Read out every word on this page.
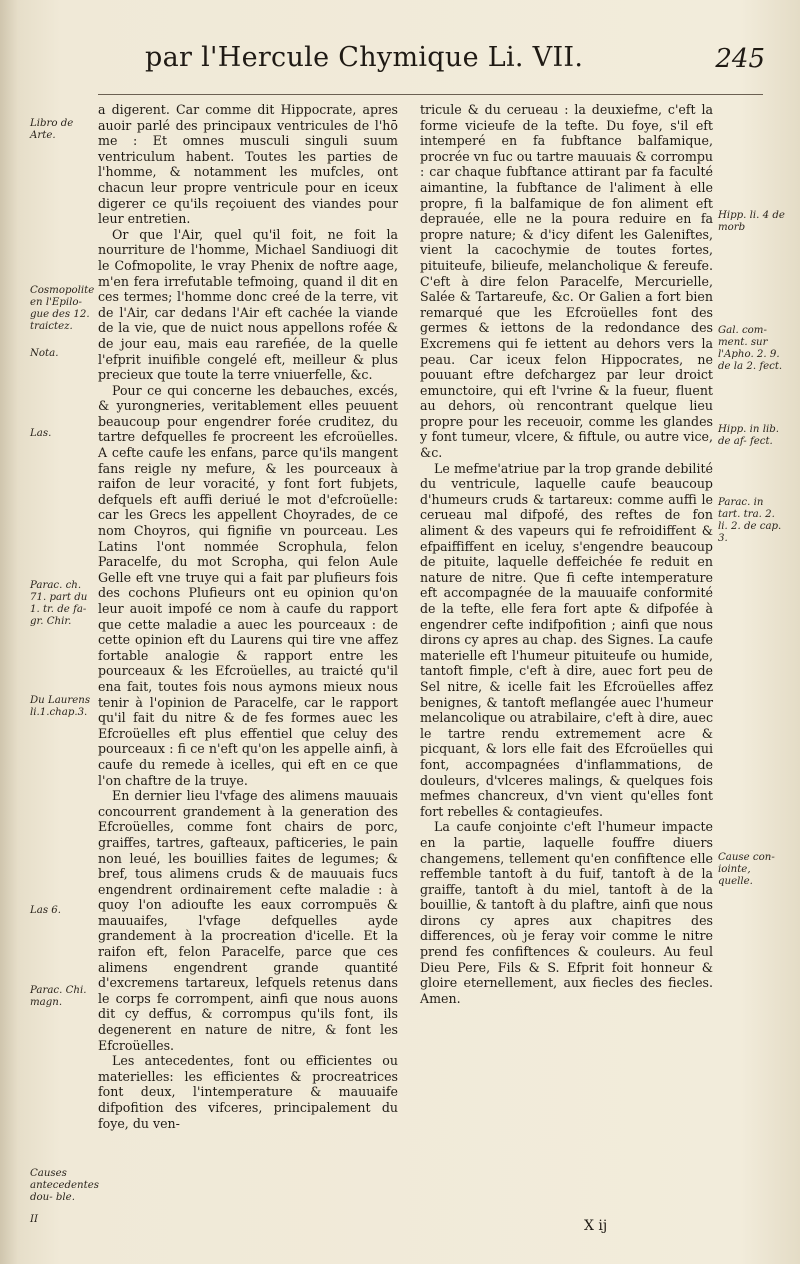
par l'Hercule Chymique Li. VII.	245

a digerent. Car comme dit Hippocrate, apres auoir parlé des principaux ventricules de l'hō me : Et omnes musculi singuli suum ventriculum habent. Toutes les parties de l'homme, & notamment les mufcles, ont chacun leur propre ventricule pour en iceux digerer ce qu'ils reçoiuent des viandes pour leur entretien.

Or que l'Air, quel qu'il foit, ne foit la nourriture de l'homme, Michael Sandiuogi dit le Cofmopolite, le vray Phenix de noftre aage, m'en fera irrefutable tefmoing, quand il dit en ces termes; l'homme donc creé de la terre, vit de l'Air, car dedans l'Air eft cachée la viande de la vie, que de nuict nous appellons rofée & de jour eau, mais eau rarefiée, de la quelle l'efprit inuifible congelé eft, meilleur & plus precieux que toute la terre vniuerfelle, &c.

Pour ce qui concerne les debauches, excés, & yurongneries, veritablement elles peuuent beaucoup pour engendrer forée cruditez, du tartre defquelles fe procreent les efcroüelles. A cefte caufe les enfans, parce qu'ils mangent fans reigle ny mefure, & les pourceaux à raifon de leur voracité, y font fort fubjets, defquels eft auffi deriué le mot d'efcroüelle: car les Grecs les appellent Choyrades, de ce nom Choyros, qui fignifie vn pourceau. Les Latins l'ont nommée Scrophula, felon Paracelfe, du mot Scropha, qui felon Aule Gelle eft vne truye qui a fait par plufieurs fois des cochons Plufieurs ont eu opinion qu'on leur auoit impofé ce nom à caufe du rapport que cette maladie a auec les pourceaux : de cette opinion eft du Laurens qui tire vne affez fortable analogie & rapport entre les pourceaux & les Efcroüelles, au traicté qu'il ena fait, toutes fois nous aymons mieux nous tenir à l'opinion de Paracelfe, car le rapport qu'il fait du nitre & de fes formes auec les Efcroüelles eft plus effentiel que celuy des pourceaux : fi ce n'eft qu'on les appelle ainfi, à caufe du remede à icelles, qui eft en ce que l'on chaftre de la truye.

En dernier lieu l'vfage des alimens mauuais concourrent grandement à la generation des Efcroüelles, comme font chairs de porc, graiffes, tartres, gafteaux, pafticeries, le pain non leué, les bouillies faites de legumes; & bref, tous alimens cruds & de mauuais fucs engendrent ordinairement cefte maladie : à quoy l'on adioufte les eaux corrompuës & mauuaifes, l'vfage defquelles ayde grandement à la procreation d'icelle. Et la raifon eft, felon Paracelfe, parce que ces alimens engendrent grande quantité d'excremens tartareux, lefquels retenus dans le corps fe corrompent, ainfi que nous auons dit cy deffus, & corrompus qu'ils font, ils degenerent en nature de nitre, & font les Efcroüelles.

Les antecedentes, font ou efficientes ou materielles: les efficientes & procreatrices font deux, l'intemperature & mauuaife difpofition des vifceres, principalement du foye, du ven-

tricule & du cerueau : la deuxiefme, c'eft la forme vicieufe de la tefte. Du foye, s'il eft intemperé en fa fubftance balfamique, procrée vn fuc ou tartre mauuais & corrompu : car chaque fubftance attirant par fa faculté aimantine, la fubftance de l'aliment à elle propre, fi la balfamique de fon aliment eft deprauée, elle ne la poura reduire en fa propre nature; & d'icy difent les Galeniftes, vient la cacochymie de toutes fortes, pituiteufe, bilieufe, melancholique & fereufe. C'eft à dire felon Paracelfe, Mercurielle, Salée & Tartareufe, &c. Or Galien a fort bien remarqué que les Efcroüelles font des germes & iettons de la redondance des Excremens qui fe iettent au dehors vers la peau. Car iceux felon Hippocrates, ne pouuant eftre defchargez par leur droict emunctoire, qui eft l'vrine & la fueur, fluent au dehors, où rencontrant quelque lieu propre pour les receuoir, comme les glandes y font tumeur, vlcere, & fiftule, ou autre vice, &c.

Le mefme'atriue par la trop grande debilité du ventricule, laquelle caufe beaucoup d'humeurs cruds & tartareux: comme auffi le cerueau mal difpofé, des reftes de fon aliment & des vapeurs qui fe refroidiffent & efpaiffiffent en iceluy, s'engendre beaucoup de pituite, laquelle deffeichée fe reduit en nature de nitre. Que fi cefte intemperature eft accompagnée de la mauuaife conformité de la tefte, elle fera fort apte & difpofée à engendrer cefte indifpofition ; ainfi que nous dirons cy apres au chap. des Signes. La caufe materielle eft l'humeur pituiteufe ou humide, tantoft fimple, c'eft à dire, auec fort peu de Sel nitre, & icelle fait les Efcroüelles affez benignes, & tantoft meflangée auec l'humeur melancolique ou atrabilaire, c'eft à dire, auec le tartre rendu extremement acre & picquant, & lors elle fait des Efcroüelles qui font, accompagnées d'inflammations, de douleurs, d'vlceres malings, & quelques fois mefmes chancreux, d'vn vient qu'elles font fort rebelles & contagieufes.

La caufe conjointe c'eft l'humeur impacte en la partie, laquelle fouffre diuers changemens, tellement qu'en confiftence elle reffemble tantoft à du fuif, tantoft à de la graiffe, tantoft à du miel, tantoft à de la bouillie, & tantoft à du plaftre, ainfi que nous dirons cy apres aux chapitres des differences, où je feray voir comme le nitre prend fes confiftences & couleurs. Au feul Dieu Pere, Fils & S. Efprit foit honneur & gloire eternellement, aux fiecles des fiecles. Amen.

Libro de Arte.
Cosmopolite en l'Epilo- gue des 12. traictez.
Nota.
Las.
Parac. ch. 71. part du 1. tr. de fa- gr. Chir.
Du Laurens li.1.chap.3.
Las 6.
Parac. Chi. magn.
Causes antecedentes dou- ble.
II
Hipp. li. 4 de morb
Gal. com- ment. sur l'Apho. 2. 9. de la 2. fect.
Hipp. in lib. de af- fect.
Parac. in tart. tra. 2. li. 2. de cap. 3.
Cause con- iointe, quelle.
X ij
